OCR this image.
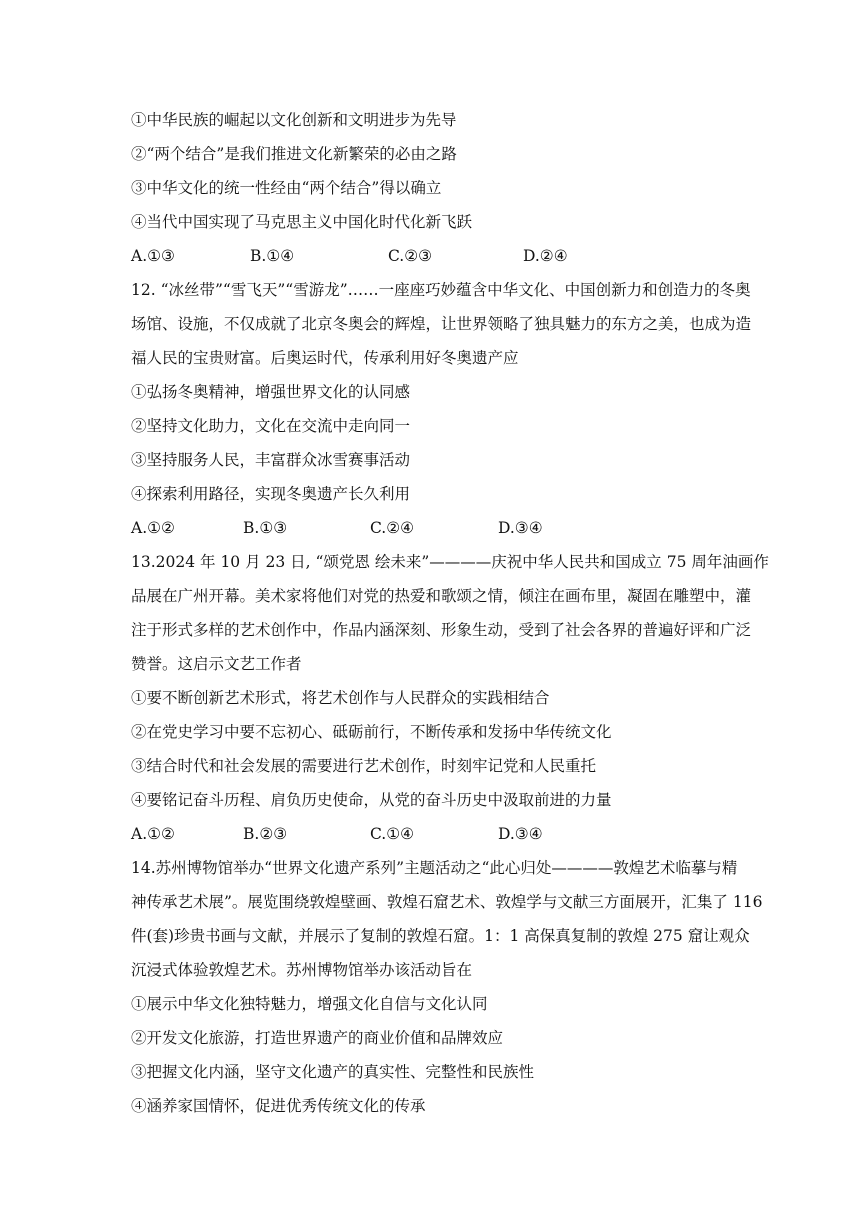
①中华民族的崛起以文化创新和文明进步为先导
②“两个结合”是我们推进文化新繁荣的必由之路
③中华文化的统一性经由“两个结合”得以确立
④当代中国实现了马克思主义中国化时代化新飞跃
A.①③	B.①④	C.②③	D.②④
12. “冰丝带”“雪飞天”“雪游龙”……一座座巧妙蕴含中华文化、中国创新力和创造力的冬奥
场馆、设施，不仅成就了北京冬奥会的辉煌，让世界领略了独具魅力的东方之美，也成为造
福人民的宝贵财富。后奥运时代，传承利用好冬奥遗产应
①弘扬冬奥精神，增强世界文化的认同感
②坚持文化助力，文化在交流中走向同一
③坚持服务人民，丰富群众冰雪赛事活动
④探索利用路径，实现冬奥遗产长久利用
A.①②	B.①③	C.②④	D.③④
13.2024 年 10 月 23 日, “颂党恩 绘未来”————庆祝中华人民共和国成立 75 周年油画作
品展在广州开幕。美术家将他们对党的热爱和歌颂之情，倾注在画布里，凝固在雕塑中，灌
注于形式多样的艺术创作中，作品内涵深刻、形象生动，受到了社会各界的普遍好评和广泛
赞誉。这启示文艺工作者
①要不断创新艺术形式，将艺术创作与人民群众的实践相结合
②在党史学习中要不忘初心、砥砺前行，不断传承和发扬中华传统文化
③结合时代和社会发展的需要进行艺术创作，时刻牢记党和人民重托
④要铭记奋斗历程、肩负历史使命，从党的奋斗历史中汲取前进的力量
A.①②	B.②③	C.①④	D.③④
14.苏州博物馆举办“世界文化遗产系列”主题活动之“此心归处————敦煌艺术临摹与精
神传承艺术展”。展览围绕敦煌壁画、敦煌石窟艺术、敦煌学与文献三方面展开，汇集了 116
件(套)珍贵书画与文献，并展示了复制的敦煌石窟。1：1 高保真复制的敦煌 275 窟让观众
沉浸式体验敦煌艺术。苏州博物馆举办该活动旨在
①展示中华文化独特魅力，增强文化自信与文化认同
②开发文化旅游，打造世界遗产的商业价值和品牌效应
③把握文化内涵，坚守文化遗产的真实性、完整性和民族性
④涵养家国情怀，促进优秀传统文化的传承
